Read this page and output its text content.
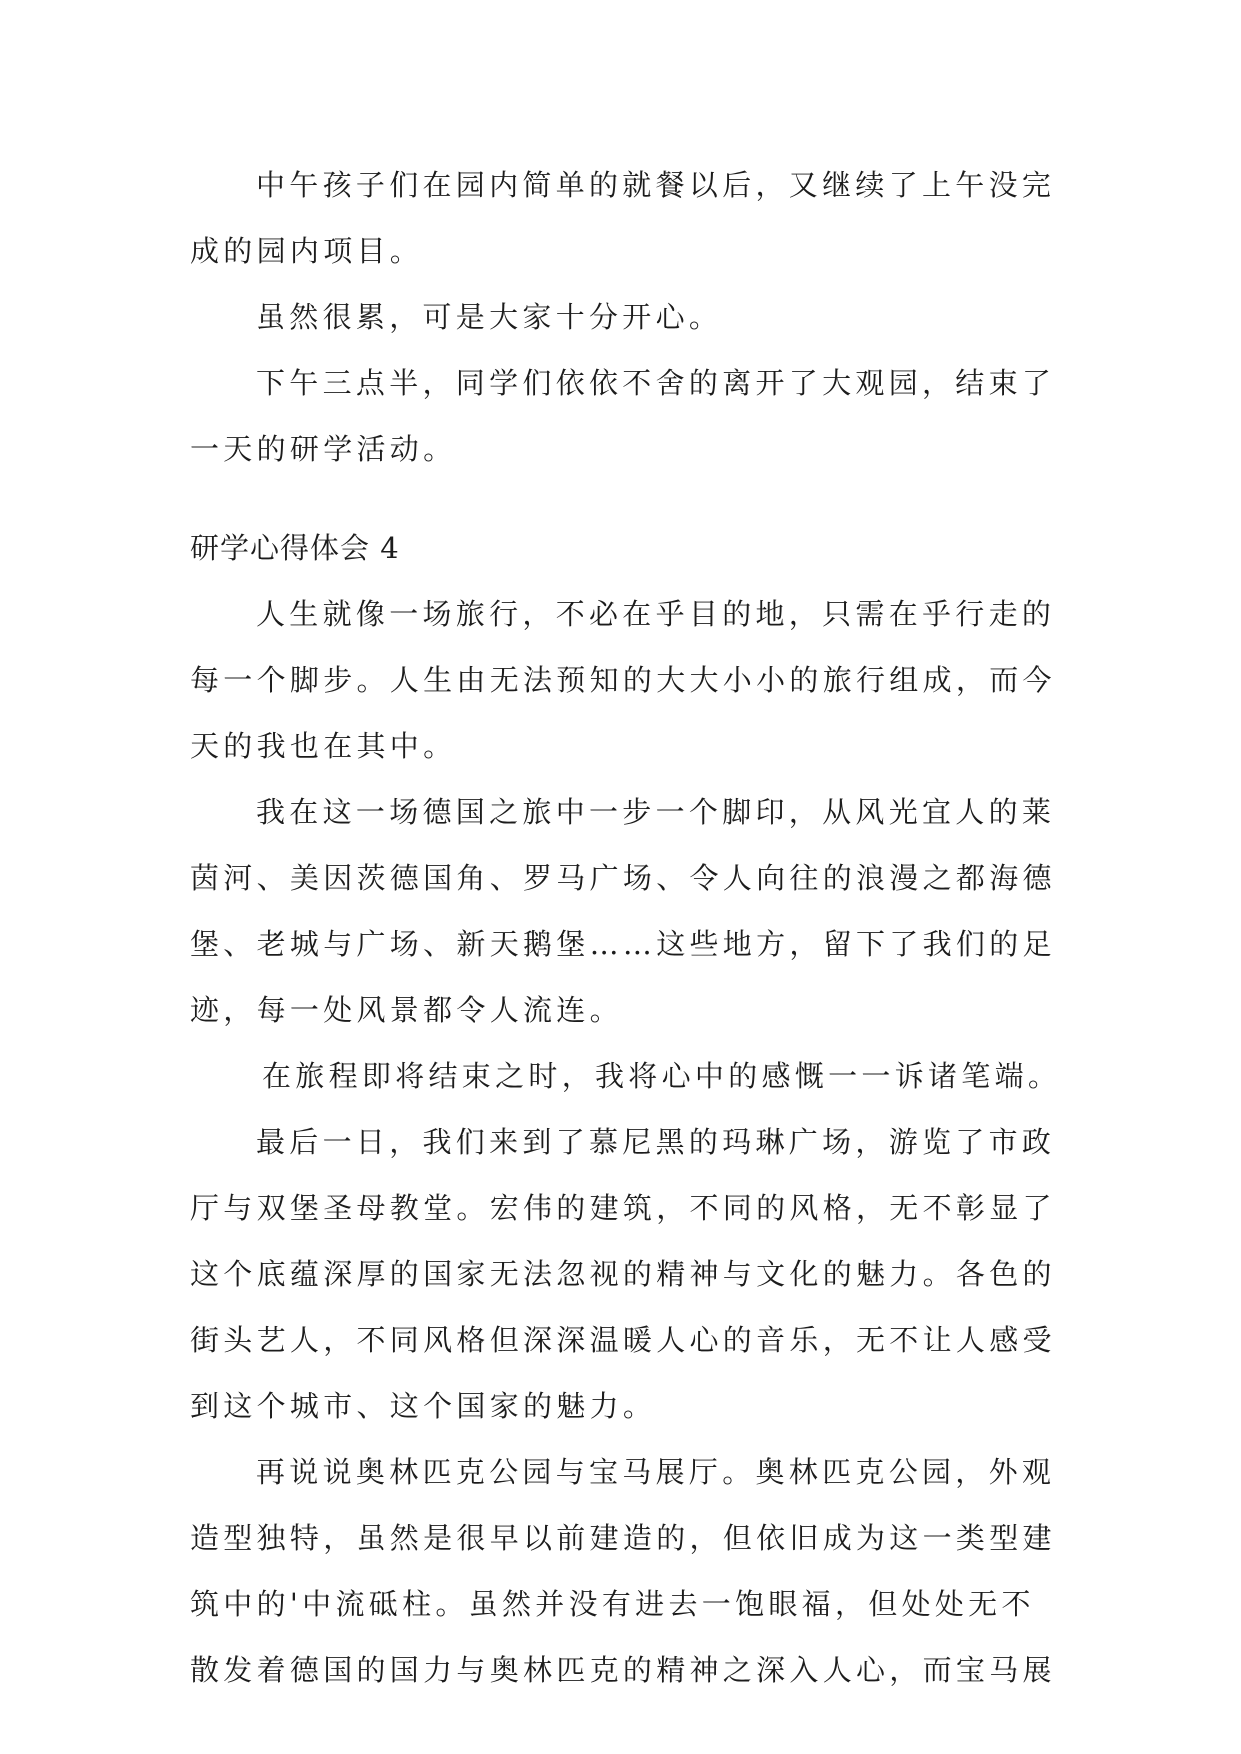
中午孩子们在园内简单的就餐以后，又继续了上午没完
成的园内项目。
虽然很累，可是大家十分开心。
下午三点半，同学们依依不舍的离开了大观园，结束了
一天的研学活动。
研学心得体会 4
人生就像一场旅行，不必在乎目的地，只需在乎行走的
每一个脚步。人生由无法预知的大大小小的旅行组成，而今
天的我也在其中。
我在这一场德国之旅中一步一个脚印，从风光宜人的莱
茵河、美因茨德国角、罗马广场、令人向往的浪漫之都海德
堡、老城与广场、新天鹅堡……这些地方，留下了我们的足
迹，每一处风景都令人流连。
在旅程即将结束之时，我将心中的感慨一一诉诸笔端。
最后一日，我们来到了慕尼黑的玛琳广场，游览了市政
厅与双堡圣母教堂。宏伟的建筑，不同的风格，无不彰显了
这个底蕴深厚的国家无法忽视的精神与文化的魅力。各色的
街头艺人，不同风格但深深温暖人心的音乐，无不让人感受
到这个城市、这个国家的魅力。
再说说奥林匹克公园与宝马展厅。奥林匹克公园，外观
造型独特，虽然是很早以前建造的，但依旧成为这一类型建
筑中的'中流砥柱。虽然并没有进去一饱眼福，但处处无不
散发着德国的国力与奥林匹克的精神之深入人心，而宝马展
